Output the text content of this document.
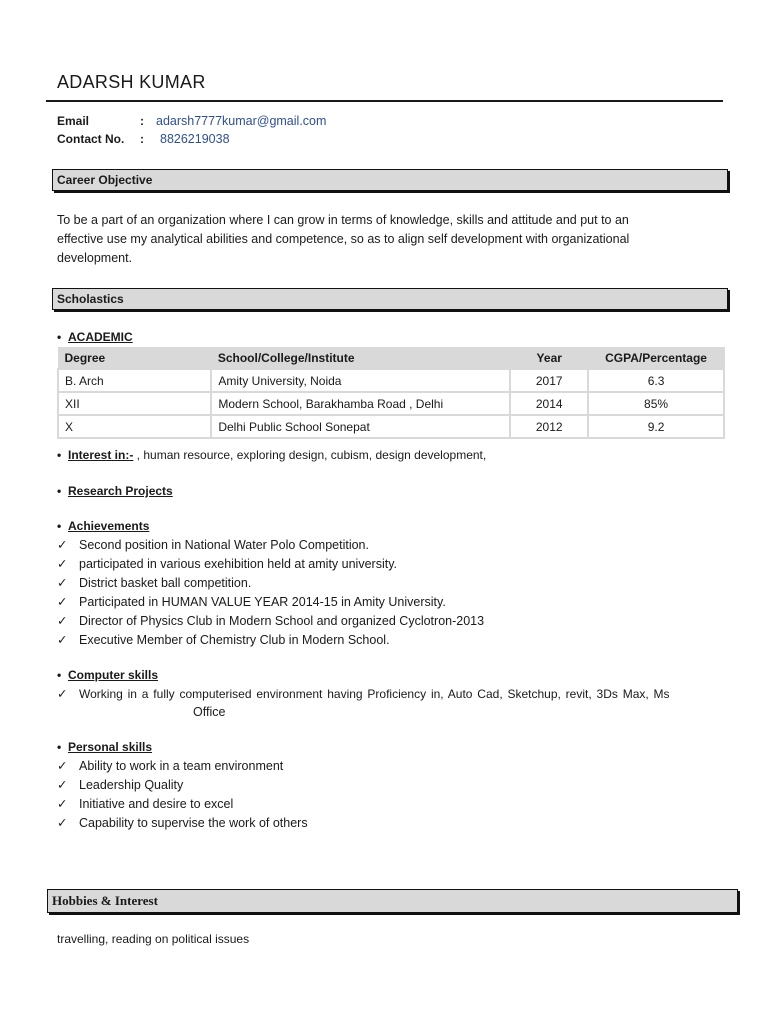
ADARSH KUMAR
Email	: adarsh7777kumar@gmail.com
Contact No. : 8826219038
Career Objective
To be a part of an organization where I can grow in terms of knowledge, skills and attitude and put to an
effective use my analytical abilities and competence, so as to align self development with organizational
development.
Scholastics
• ACADEMIC
Degree	School/College/Institute	Year	CGPA/Percentage
B. Arch	Amity University, Noida	2017	6.3
XII	Modern School, Barakhamba Road , Delhi	2014	85%
X	Delhi Public School Sonepat	2012	9.2
• Interest in:- , human resource, exploring design, cubism, design development,
• Research Projects
• Achievements
✓ Second position in National Water Polo Competition.
✓ participated in various exehibition held at amity university.
✓ District basket ball competition.
✓ Participated in HUMAN VALUE YEAR 2014-15 in Amity University.
✓ Director of Physics Club in Modern School and organized Cyclotron-2013
✓ Executive Member of Chemistry Club in Modern School.
• Computer skills
✓ Working in a fully computerised environment having Proficiency in, Auto Cad, Sketchup, revit, 3Ds Max, Ms
Office
• Personal skills
✓ Ability to work in a team environment
✓ Leadership Quality
✓ Initiative and desire to excel
✓ Capability to supervise the work of others
Hobbies & Interest
travelling, reading on political issues
